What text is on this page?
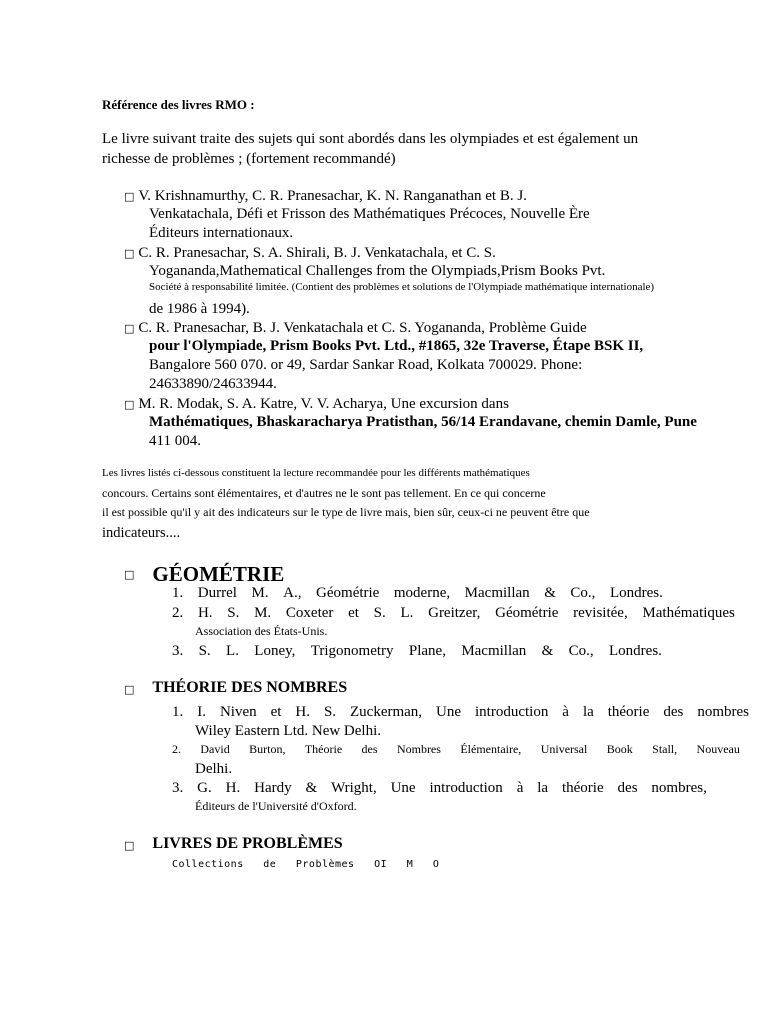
Référence des livres RMO :
Le livre suivant traite des sujets qui sont abordés dans les olympiades et est également un
richesse de problèmes ; (fortement recommandé)
□ V. Krishnamurthy, C. R. Pranesachar, K. N. Ranganathan et B. J.
Venkatachala, Défi et Frisson des Mathématiques Précoces, Nouvelle Ère
Éditeurs internationaux.
□ C. R. Pranesachar, S. A. Shirali, B. J. Venkatachala, et C. S.
Yogananda,Mathematical Challenges from the Olympiads,Prism Books Pvt.
Société à responsabilité limitée. (Contient des problèmes et solutions de l'Olympiade mathématique internationale)
de 1986 à 1994).
□ C. R. Pranesachar, B. J. Venkatachala et C. S. Yogananda, Problème Guide
pour l'Olympiade, Prism Books Pvt. Ltd., #1865, 32e Traverse, Étape BSK II,
Bangalore 560 070. or 49, Sardar Sankar Road, Kolkata 700029. Phone:
24633890/24633944.
□ M. R. Modak, S. A. Katre, V. V. Acharya, Une excursion dans
Mathématiques, Bhaskaracharya Pratisthan, 56/14 Erandavane, chemin Damle, Pune
411 004.
Les livres listés ci-dessous constituent la lecture recommandée pour les différents mathématiques
concours. Certains sont élémentaires, et d'autres ne le sont pas tellement. En ce qui concerne
il est possible qu'il y ait des indicateurs sur le type de livre mais, bien sûr, ceux-ci ne peuvent être que
indicateurs....
□ GÉOMÉTRIE
1. Durrel M. A., Géométrie moderne, Macmillan & Co., Londres.
2. H. S. M. Coxeter et S. L. Greitzer, Géométrie revisitée, Mathématiques
Association des États-Unis.
3. S. L. Loney, Trigonometry Plane, Macmillan & Co., Londres.
□ THÉORIE DES NOMBRES
1. I. Niven et H. S. Zuckerman, Une introduction à la théorie des nombres
Wiley Eastern Ltd. New Delhi.
2. David Burton, Théorie des Nombres Élémentaire, Universal Book Stall, Nouveau
Delhi.
3. G. H. Hardy & Wright, Une introduction à la théorie des nombres,
Éditeurs de l'Université d'Oxford.
□ LIVRES DE PROBLÈMES
Collections   de   Problèmes   OI   M   O
